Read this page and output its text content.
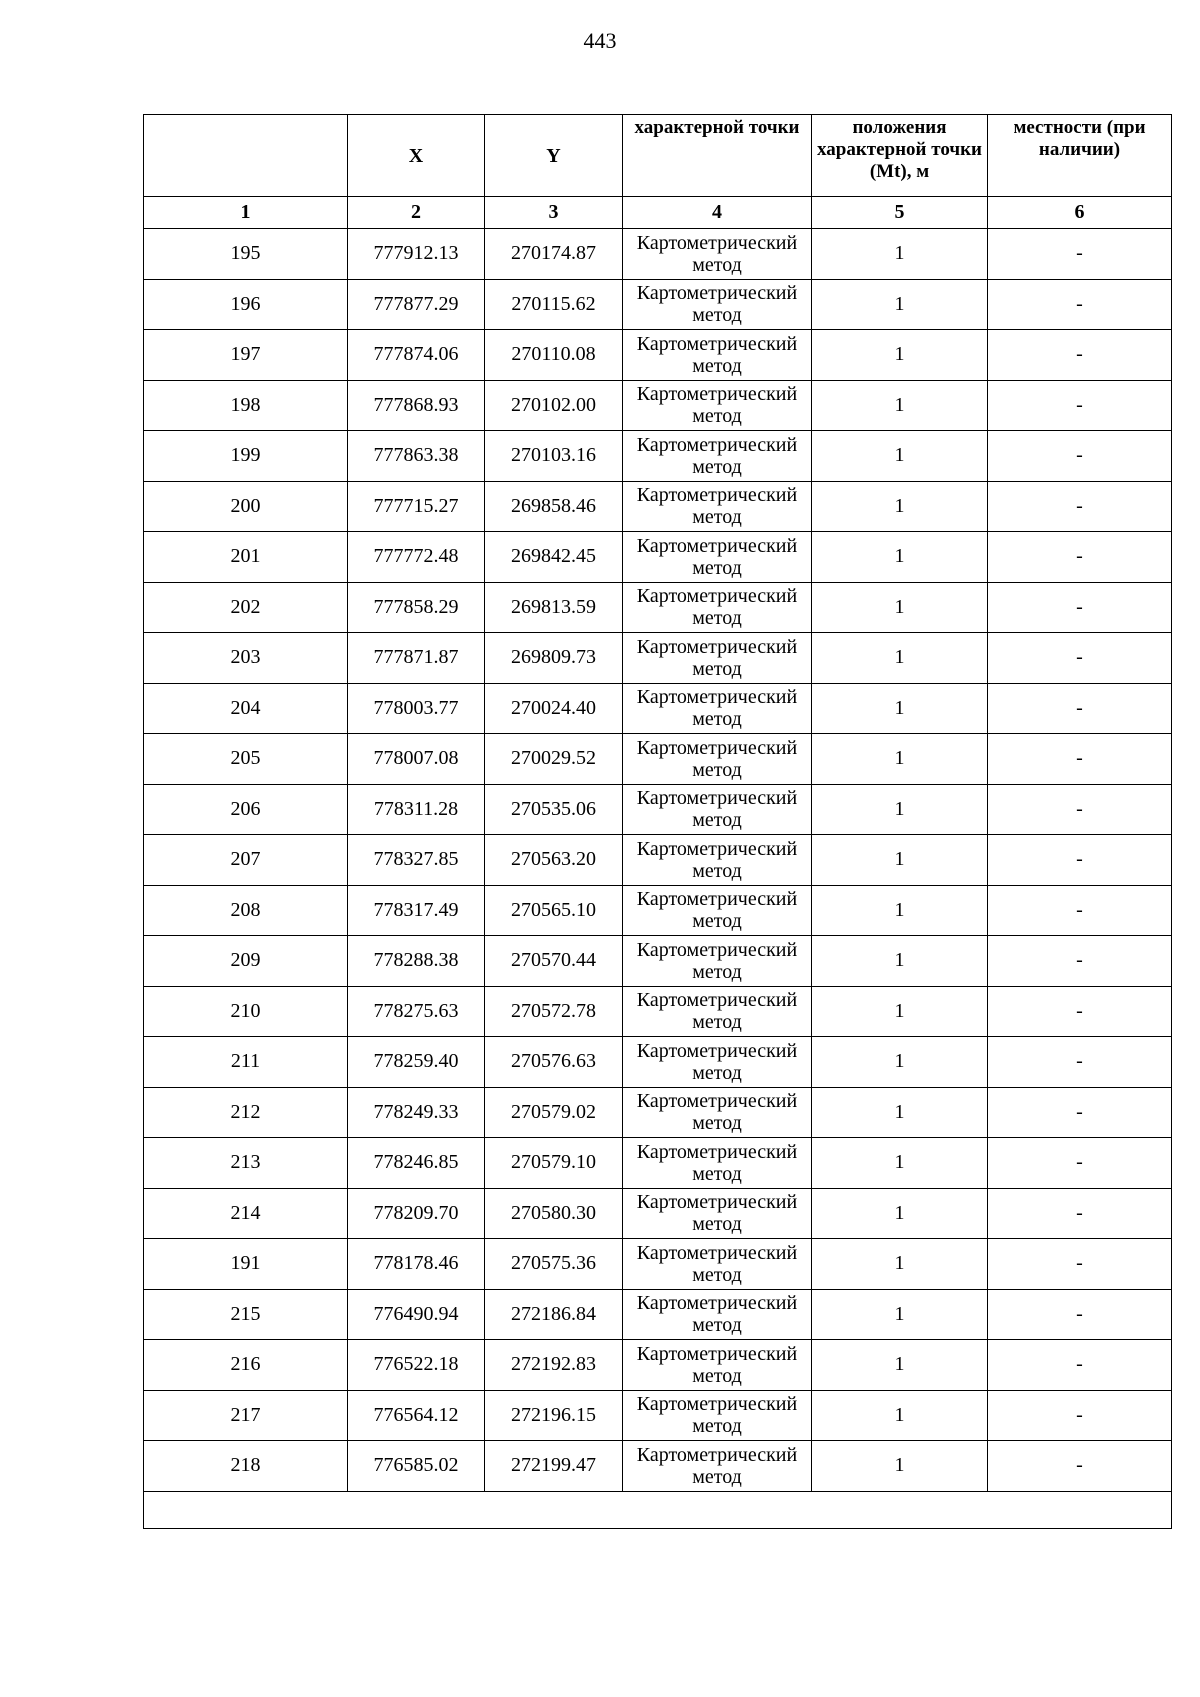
443
	X	Y	характерной точки	положения характерной точки (Mt), м	местности (при наличии)
1	2	3	4	5	6
195	777912.13	270174.87	Картометрический метод	1	-
196	777877.29	270115.62	Картометрический метод	1	-
197	777874.06	270110.08	Картометрический метод	1	-
198	777868.93	270102.00	Картометрический метод	1	-
199	777863.38	270103.16	Картометрический метод	1	-
200	777715.27	269858.46	Картометрический метод	1	-
201	777772.48	269842.45	Картометрический метод	1	-
202	777858.29	269813.59	Картометрический метод	1	-
203	777871.87	269809.73	Картометрический метод	1	-
204	778003.77	270024.40	Картометрический метод	1	-
205	778007.08	270029.52	Картометрический метод	1	-
206	778311.28	270535.06	Картометрический метод	1	-
207	778327.85	270563.20	Картометрический метод	1	-
208	778317.49	270565.10	Картометрический метод	1	-
209	778288.38	270570.44	Картометрический метод	1	-
210	778275.63	270572.78	Картометрический метод	1	-
211	778259.40	270576.63	Картометрический метод	1	-
212	778249.33	270579.02	Картометрический метод	1	-
213	778246.85	270579.10	Картометрический метод	1	-
214	778209.70	270580.30	Картометрический метод	1	-
191	778178.46	270575.36	Картометрический метод	1	-
215	776490.94	272186.84	Картометрический метод	1	-
216	776522.18	272192.83	Картометрический метод	1	-
217	776564.12	272196.15	Картометрический метод	1	-
218	776585.02	272199.47	Картометрический метод	1	-
